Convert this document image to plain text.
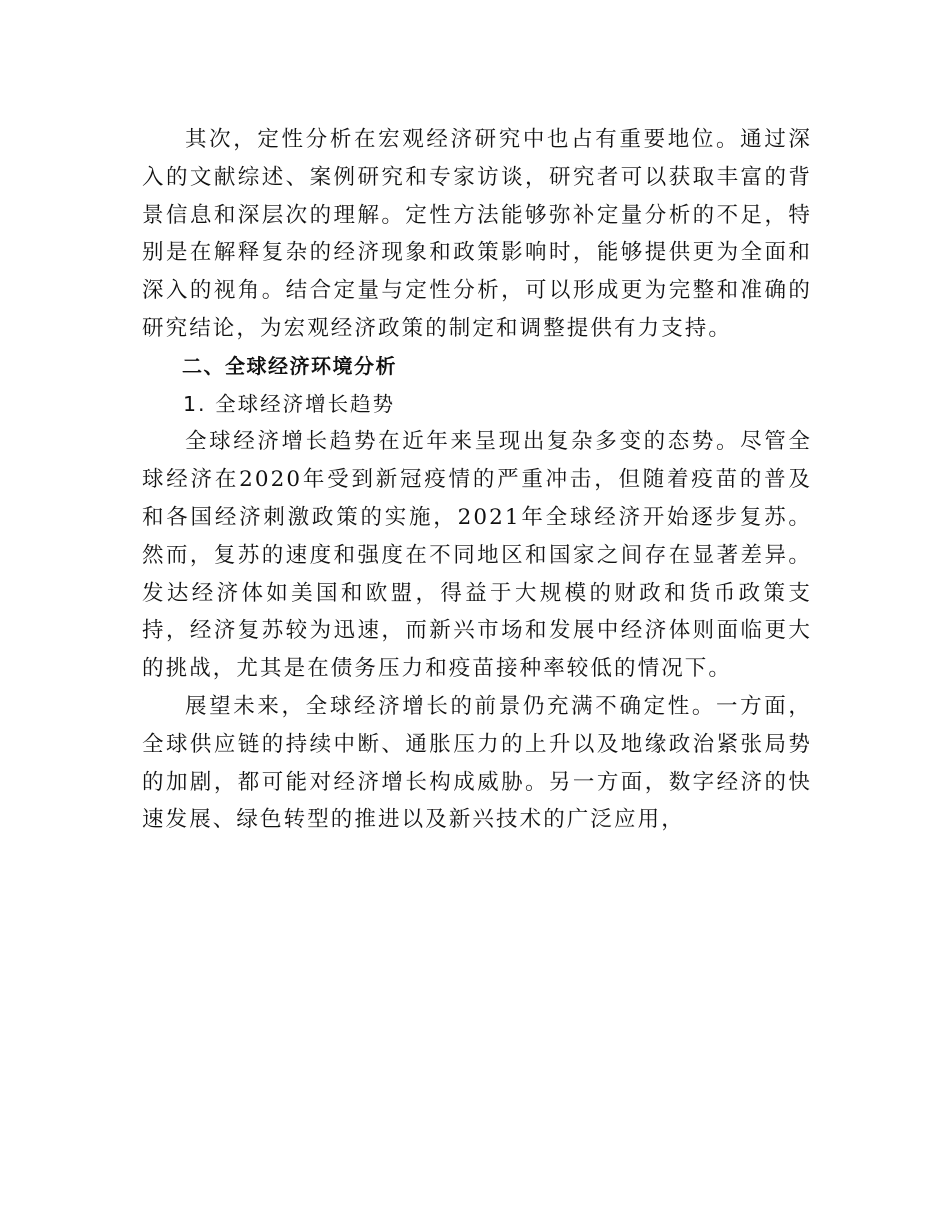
其次，定性分析在宏观经济研究中也占有重要地位。通过深入的文献综述、案例研究和专家访谈，研究者可以获取丰富的背景信息和深层次的理解。定性方法能够弥补定量分析的不足，特别是在解释复杂的经济现象和政策影响时，能够提供更为全面和深入的视角。结合定量与定性分析，可以形成更为完整和准确的研究结论，为宏观经济政策的制定和调整提供有力支持。

二、全球经济环境分析

1. 全球经济增长趋势

全球经济增长趋势在近年来呈现出复杂多变的态势。尽管全球经济在2020年受到新冠疫情的严重冲击，但随着疫苗的普及和各国经济刺激政策的实施，2021年全球经济开始逐步复苏。然而，复苏的速度和强度在不同地区和国家之间存在显著差异。发达经济体如美国和欧盟，得益于大规模的财政和货币政策支持，经济复苏较为迅速，而新兴市场和发展中经济体则面临更大的挑战，尤其是在债务压力和疫苗接种率较低的情况下。

展望未来，全球经济增长的前景仍充满不确定性。一方面，全球供应链的持续中断、通胀压力的上升以及地缘政治紧张局势的加剧，都可能对经济增长构成威胁。另一方面，数字经济的快速发展、绿色转型的推进以及新兴技术的广泛应用，
